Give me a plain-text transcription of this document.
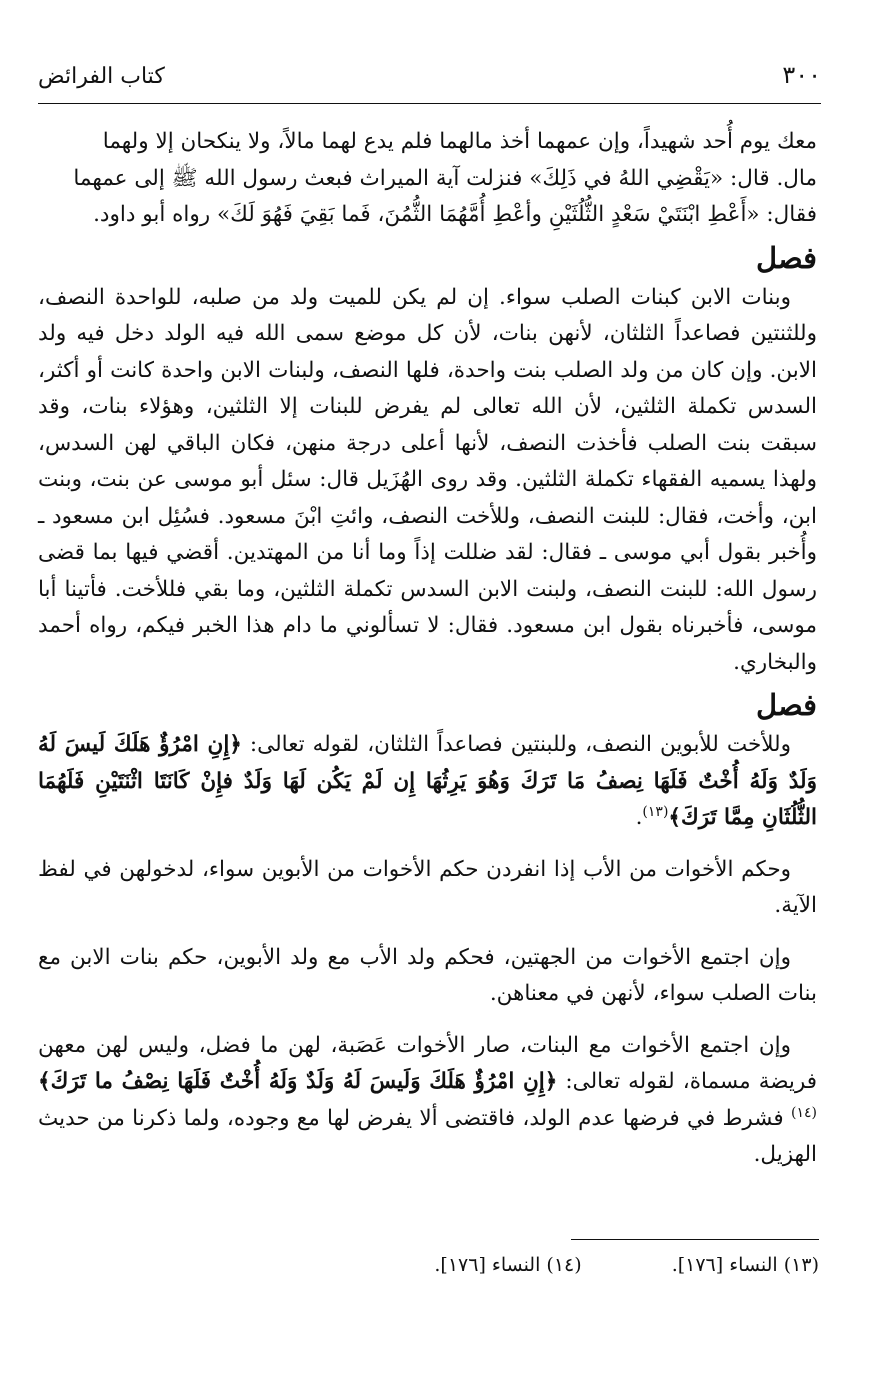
٣٠٠
كتاب الفرائض

معك يوم أُحد شهيداً، وإن عمهما أخذ مالهما فلم يدع لهما مالاً، ولا ينكحان إلا ولهما

مال. قال: «يَقْضِي اللهُ في ذَلِكَ» فنزلت آية الميراث فبعث رسول الله ﷺ إلى عمهما

فقال: «أَعْطِ ابْنَتَيْ سَعْدٍ الثُّلُثَيْنِ وأعْطِ أُمَّهُمَا الثُّمُنَ، فَما بَقِيَ فَهُوَ لَكَ» رواه أبو داود.

فصل

وبنات الابن كبنات الصلب سواء. إن لم يكن للميت ولد من صلبه، للواحدة النصف، وللثنتين فصاعداً الثلثان، لأنهن بنات، لأن كل موضع سمى الله فيه الولد دخل فيه ولد الابن. وإن كان من ولد الصلب بنت واحدة، فلها النصف، ولبنات الابن واحدة كانت أو أكثر، السدس تكملة الثلثين، لأن الله تعالى لم يفرض للبنات إلا الثلثين، وهؤلاء بنات، وقد سبقت بنت الصلب فأخذت النصف، لأنها أعلى درجة منهن، فكان الباقي لهن السدس، ولهذا يسميه الفقهاء تكملة الثلثين. وقد روى الهُزَيل قال: سئل أبو موسى عن بنت، وبنت ابن، وأخت، فقال: للبنت النصف، وللأخت النصف، وائتِ ابْنَ مسعود. فسُئِل ابن مسعود ـ وأُخبر بقول أبي موسى ـ فقال: لقد ضللت إذاً وما أنا من المهتدين. أقضي فيها بما قضى رسول الله: للبنت النصف، ولبنت الابن السدس تكملة الثلثين، وما بقي فللأخت. فأتينا أبا موسى، فأخبرناه بقول ابن مسعود. فقال: لا تسألوني ما دام هذا الخبر فيكم، رواه أحمد والبخاري.

فصل

وللأخت للأبوين النصف، وللبنتين فصاعداً الثلثان، لقوله تعالى: ﴿إِنِ امْرُؤٌ هَلَكَ لَيسَ لَهُ وَلَدٌ وَلَهُ أُخْتٌ فَلَهَا نِصفُ مَا تَرَكَ وَهُوَ يَرِثُهَا إِن لَمْ يَكُن لَهَا وَلَدٌ فإِنْ كَانَتَا اثْنَتَيْنِ فَلَهُمَا الثُّلُثَانِ مِمَّا تَرَكَ﴾$^{(١٣)}$.

وحكم الأخوات من الأب إذا انفردن حكم الأخوات من الأبوين سواء، لدخولهن في لفظ الآية.

وإن اجتمع الأخوات من الجهتين، فحكم ولد الأب مع ولد الأبوين، حكم بنات الابن مع بنات الصلب سواء، لأنهن في معناهن.

وإن اجتمع الأخوات مع البنات، صار الأخوات عَصَبة، لهن ما فضل، وليس لهن معهن فريضة مسماة، لقوله تعالى: ﴿إِنِ امْرُؤٌ هَلَكَ وَلَيسَ لَهُ وَلَدٌ وَلَهُ أُخْتٌ فَلَهَا نِصْفُ ما تَرَكَ﴾$^{(١٤)}$ فشرط في فرضها عدم الولد، فاقتضى ألا يفرض لها مع وجوده، ولما ذكرنا من حديث الهزيل.

(١٣) النساء [١٧٦].
(١٤) النساء [١٧٦].
